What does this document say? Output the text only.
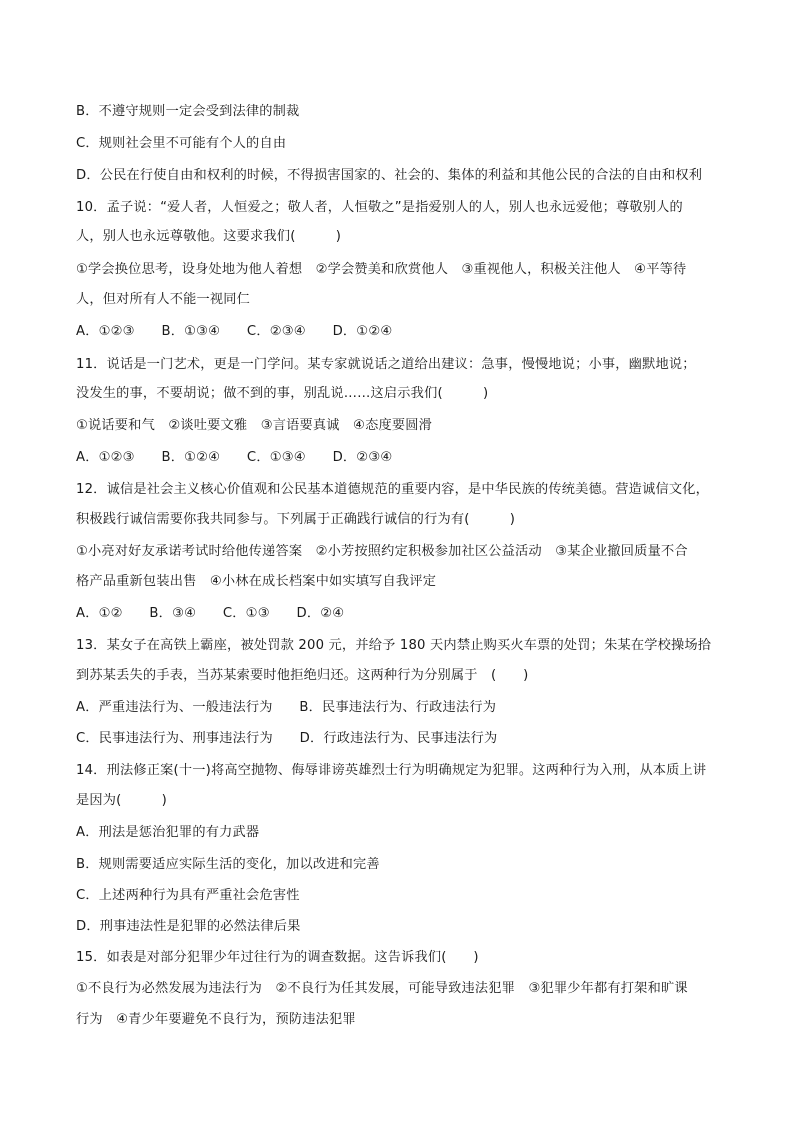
B．不遵守规则一定会受到法律的制裁
C．规则社会里不可能有个人的自由
D．公民在行使自由和权利的时候，不得损害国家的、社会的、集体的利益和其他公民的合法的自由和权利
10．孟子说：“爱人者，人恒爱之；敬人者，人恒敬之”是指爱别人的人，别人也永远爱他；尊敬别人的
人，别人也永远尊敬他。这要求我们(　　　)
①学会换位思考，设身处地为他人着想　②学会赞美和欣赏他人　③重视他人，积极关注他人　④平等待
人，但对所有人不能一视同仁
A．①②③　　B．①③④　　C．②③④　　D．①②④
11．说话是一门艺术，更是一门学问。某专家就说话之道给出建议：急事，慢慢地说；小事，幽默地说；
没发生的事，不要胡说；做不到的事，别乱说……这启示我们(　　　)
①说话要和气　②谈吐要文雅　③言语要真诚　④态度要圆滑
A．①②③　　B．①②④　　C．①③④　　D．②③④
12．诚信是社会主义核心价值观和公民基本道德规范的重要内容，是中华民族的传统美德。营造诚信文化，
积极践行诚信需要你我共同参与。下列属于正确践行诚信的行为有(　　　)
①小亮对好友承诺考试时给他传递答案　②小芳按照约定积极参加社区公益活动　③某企业撤回质量不合
格产品重新包装出售　④小林在成长档案中如实填写自我评定
A．①②　　B．③④　　C．①③　　D．②④
13．某女子在高铁上霸座，被处罚款 200 元，并给予 180 天内禁止购买火车票的处罚；朱某在学校操场拾
到苏某丢失的手表，当苏某索要时他拒绝归还。这两种行为分别属于　(　　)
A．严重违法行为、一般违法行为　　B．民事违法行为、行政违法行为
C．民事违法行为、刑事违法行为　　D．行政违法行为、民事违法行为
14．刑法修正案(十一)将高空抛物、侮辱诽谤英雄烈士行为明确规定为犯罪。这两种行为入刑，从本质上讲
是因为(　　　)
A．刑法是惩治犯罪的有力武器
B．规则需要适应实际生活的变化，加以改进和完善
C．上述两种行为具有严重社会危害性
D．刑事违法性是犯罪的必然法律后果
15．如表是对部分犯罪少年过往行为的调查数据。这告诉我们(　　)
①不良行为必然发展为违法行为　②不良行为任其发展，可能导致违法犯罪　③犯罪少年都有打架和旷课
行为　④青少年要避免不良行为，预防违法犯罪
